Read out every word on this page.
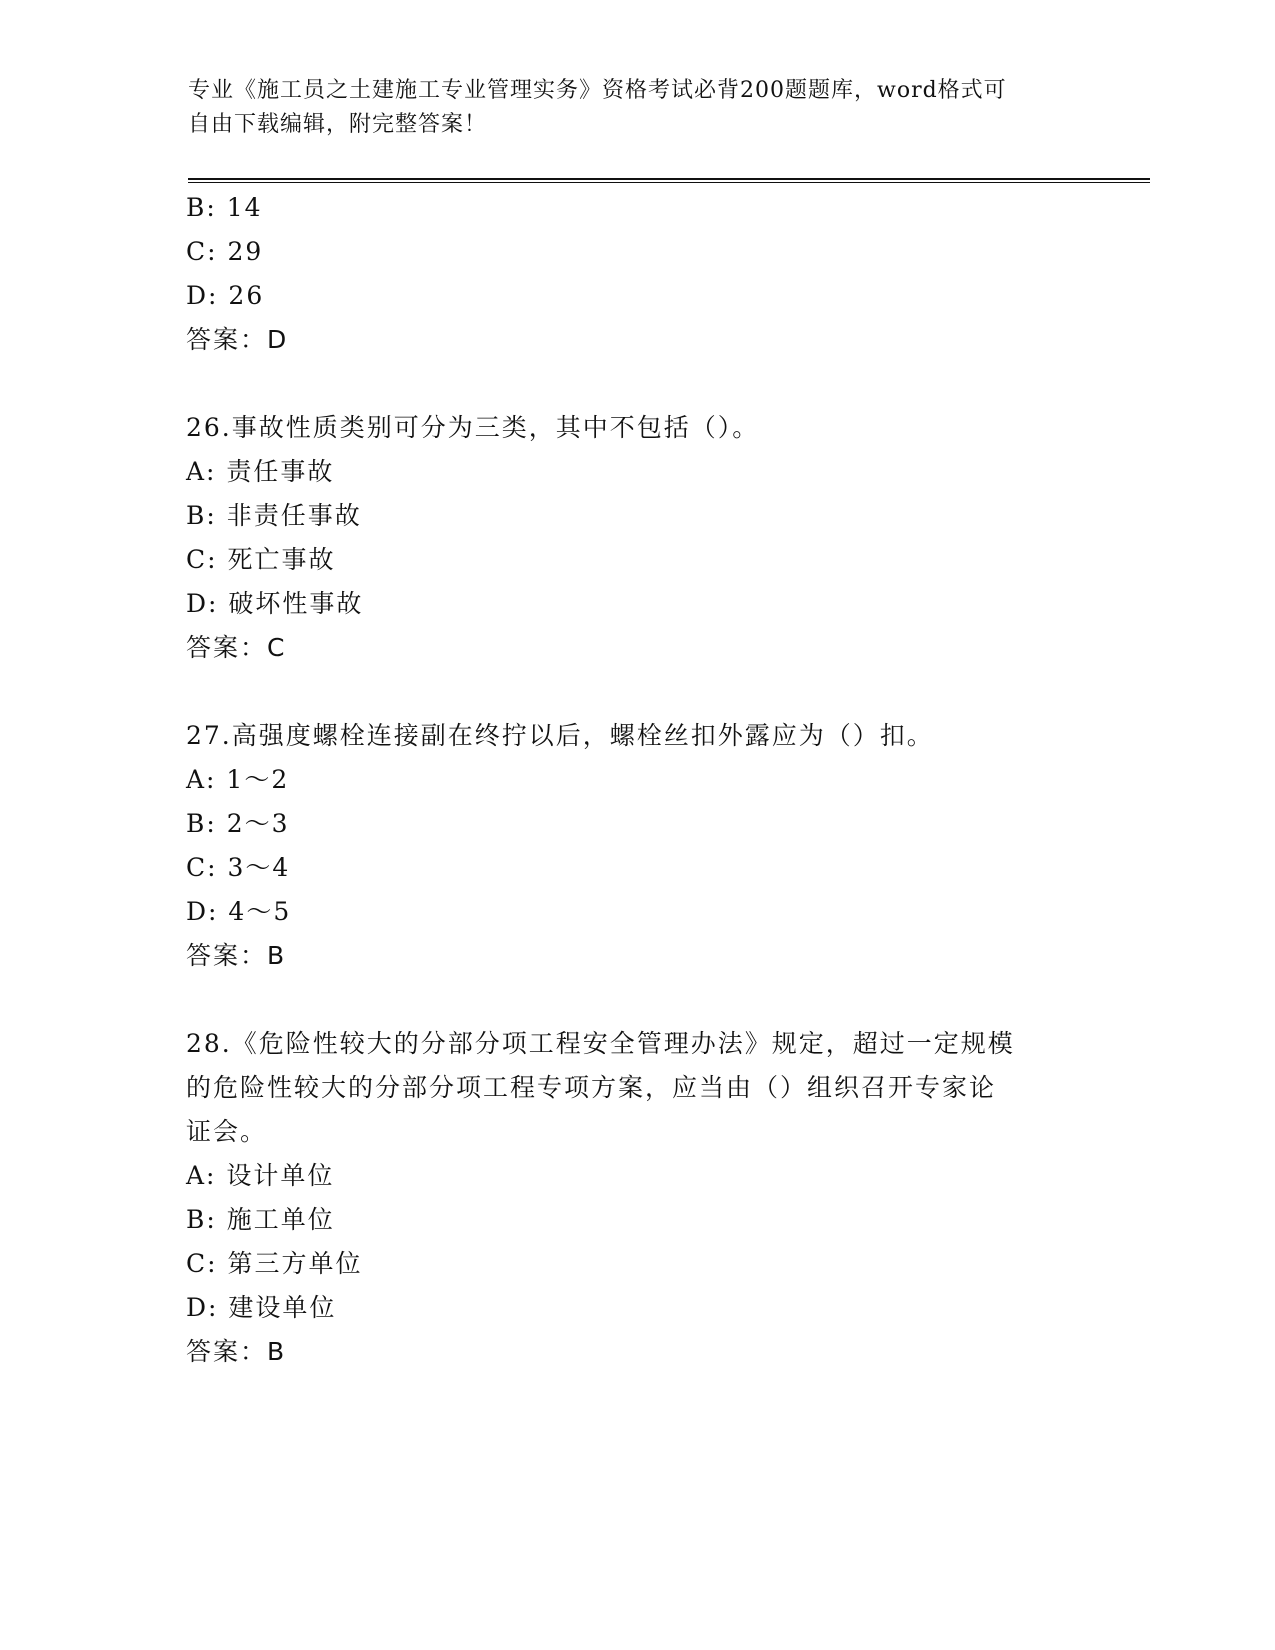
专业《施工员之土建施工专业管理实务》资格考试必背200题题库，word格式可
自由下载编辑，附完整答案！
B: 14
C: 29
D: 26
答案：D
26.事故性质类别可分为三类，其中不包括（）。
A: 责任事故
B: 非责任事故
C: 死亡事故
D: 破坏性事故
答案：C
27.高强度螺栓连接副在终拧以后，螺栓丝扣外露应为（）扣。
A: 1～2
B: 2～3
C: 3～4
D: 4～5
答案：B
28.《危险性较大的分部分项工程安全管理办法》规定，超过一定规模
的危险性较大的分部分项工程专项方案，应当由（）组织召开专家论
证会。
A: 设计单位
B: 施工单位
C: 第三方单位
D: 建设单位
答案：B
